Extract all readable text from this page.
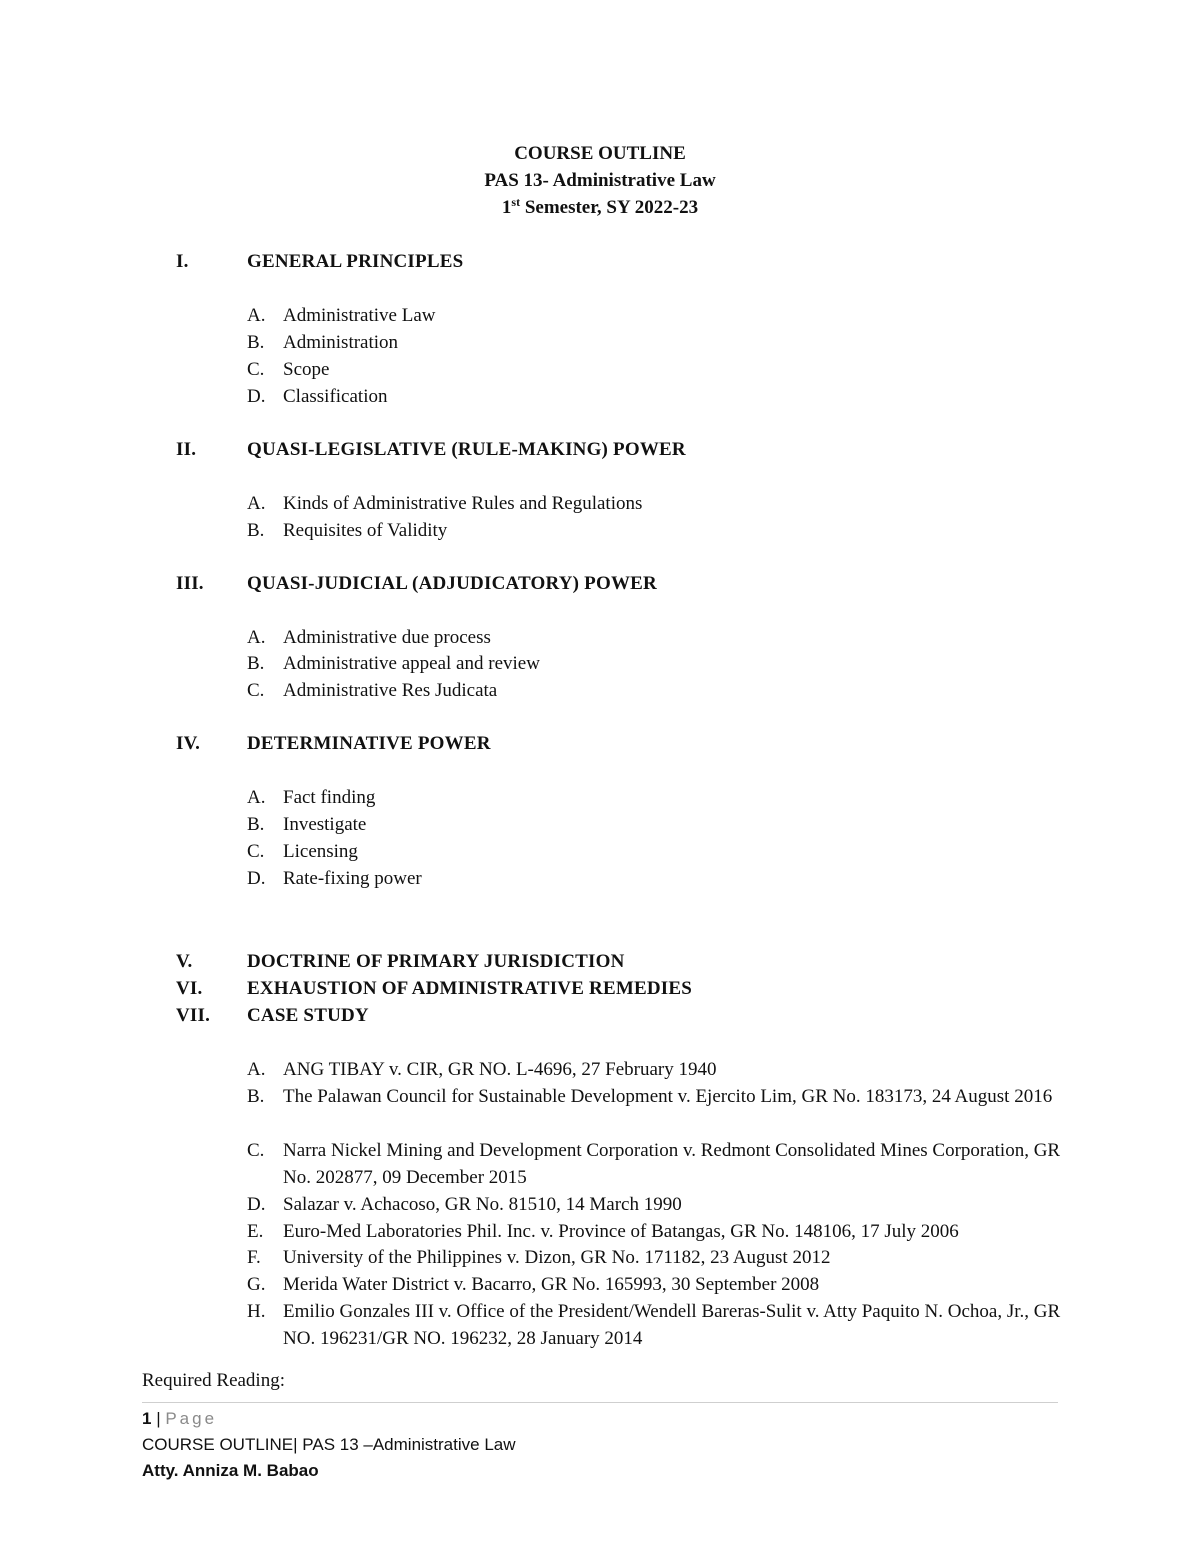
COURSE OUTLINE
PAS 13- Administrative Law
1st Semester, SY 2022-23
I.	GENERAL PRINCIPLES
A. Administrative Law
B. Administration
C. Scope
D. Classification
II.	QUASI-LEGISLATIVE (RULE-MAKING) POWER
A. Kinds of Administrative Rules and Regulations
B. Requisites of Validity
III. QUASI-JUDICIAL (ADJUDICATORY) POWER
A. Administrative due process
B. Administrative appeal and review
C. Administrative Res Judicata
IV. DETERMINATIVE POWER
A. Fact finding
B. Investigate
C. Licensing
D. Rate-fixing power
V.	DOCTRINE OF PRIMARY JURISDICTION
VI. EXHAUSTION OF ADMINISTRATIVE REMEDIES
VII. CASE STUDY
A. ANG TIBAY v. CIR, GR NO. L-4696, 27 February 1940
B. The Palawan Council for Sustainable Development v. Ejercito Lim, GR No. 183173, 24 August 2016
C. Narra Nickel Mining and Development Corporation v. Redmont Consolidated Mines Corporation, GR No. 202877, 09 December 2015
D. Salazar v. Achacoso, GR No. 81510, 14 March 1990
E. Euro-Med Laboratories Phil. Inc. v. Province of Batangas, GR No. 148106, 17 July 2006
F. University of the Philippines v. Dizon, GR No. 171182, 23 August 2012
G. Merida Water District v. Bacarro, GR No. 165993, 30 September 2008
H. Emilio Gonzales III v. Office of the President/Wendell Bareras-Sulit v. Atty Paquito N. Ochoa, Jr., GR NO. 196231/GR NO. 196232, 28 January 2014
Required Reading:
1 | Page
COURSE OUTLINE| PAS 13 –Administrative Law
Atty. Anniza M. Babao
